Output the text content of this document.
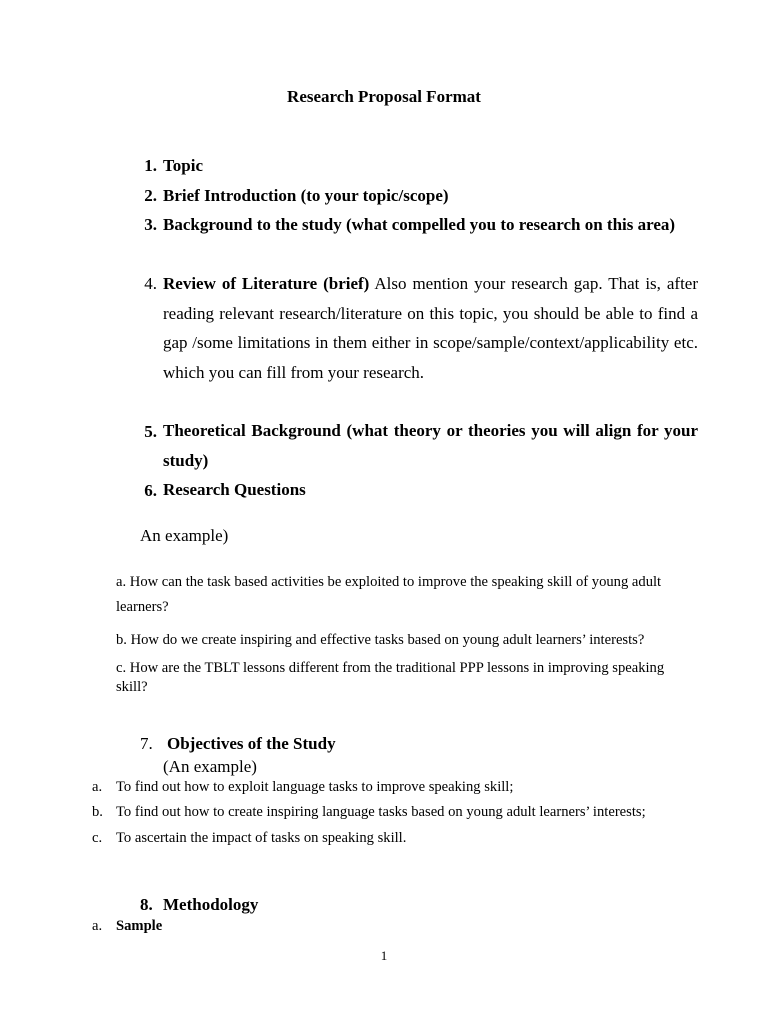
Research Proposal Format
1. Topic
2. Brief Introduction (to your topic/scope)
3. Background to the study (what compelled you to research on this area)
4. Review of Literature (brief) Also mention your research gap. That is, after reading relevant research/literature on this topic, you should be able to find a gap /some limitations in them either in scope/sample/context/applicability etc. which you can fill from your research.
5. Theoretical Background (what theory or theories you will align for your study)
6. Research Questions
An example)
a. How can the task based activities be exploited to improve the speaking skill of young adult learners?
b. How do we create inspiring and effective tasks based on young adult learners’ interests?
c. How are the TBLT lessons different from the traditional PPP lessons in improving speaking skill?
7. Objectives of the Study
(An example)
a. To find out how to exploit language tasks to improve speaking skill;
b. To find out how to create inspiring language tasks based on young adult learners’ interests;
c. To ascertain the impact of tasks on speaking skill.
8. Methodology
a. Sample
1
